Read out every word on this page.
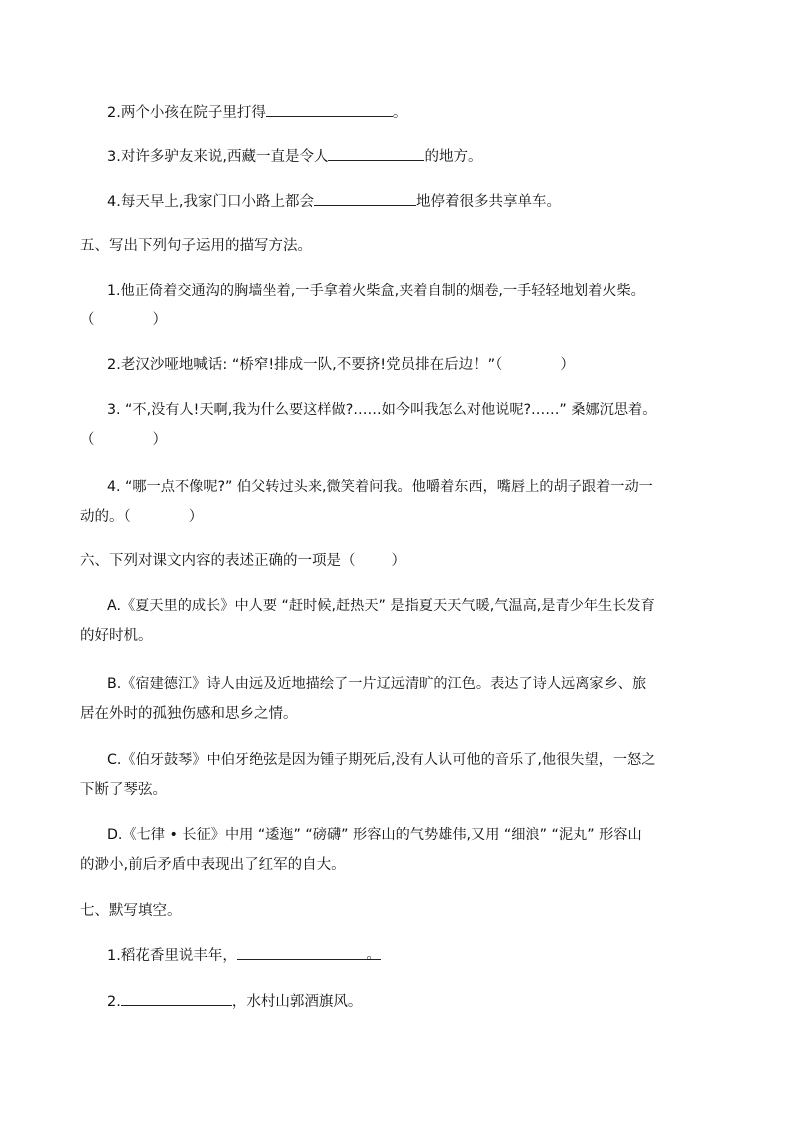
2.两个小孩在院子里打得	。
3.对许多驴友来说,西藏一直是令人	的地方。
4.每天早上,我家门口小路上都会	地停着很多共享单车。
五、写出下列句子运用的描写方法。
1.他正倚着交通沟的胸墙坐着,一手拿着火柴盒,夹着自制的烟卷,一手轻轻地划着火柴。
（	）
2.老汉沙哑地喊话: “桥窄!排成一队,不要挤!党员排在后边！”（	）
3. “不,没有人!天啊,我为什么要这样做?……如今叫我怎么对他说呢?……” 桑娜沉思着。
（	）
4. “哪一点不像呢?” 伯父转过头来,微笑着问我。他嚼着东西，嘴唇上的胡子跟着一动一
动的。（	）
六、下列对课文内容的表述正确的一项是（ ）
A.《夏天里的成长》中人要 “赶时候,赶热天” 是指夏天天气暖,气温高,是青少年生长发育
的好时机。
B.《宿建德江》诗人由远及近地描绘了一片辽远清旷的江色。表达了诗人远离家乡、旅
居在外时的孤独伤感和思乡之情。
C.《伯牙鼓琴》中伯牙绝弦是因为锺子期死后,没有人认可他的音乐了,他很失望，一怒之
下断了琴弦。
D.《七律 • 长征》中用 “逶迤” “磅礴” 形容山的气势雄伟,又用 “细浪” “泥丸” 形容山
的渺小,前后矛盾中表现出了红军的自大。
七、默写填空。
1.稻花香里说丰年，	。
2.	，水村山郭酒旗风。
